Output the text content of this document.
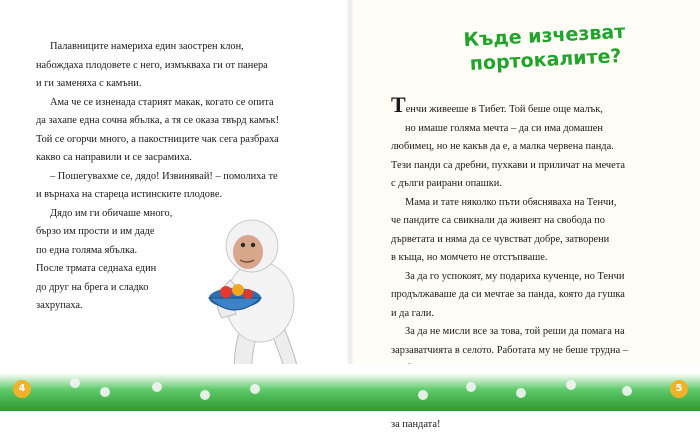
Палавниците намериха един заострен клон,
набождаха плодовете с него, измъкваха ги от панера
и ги заменяха с камъни.
Ама че се изненада старият макак, когато се опита
да захапе една сочна ябълка, а тя се оказа твърд камък!
Той се огорчи много, а пакостниците чак сега разбраха
какво са направили и се засрамиха.
– Пошегувахме се, дядо! Извинявай! – помолиха те
и върнаха на стареца истинските плодове.
Дядо им ги обичаше много,
бързо им прости и им даде
по една голяма ябълка.
После трмата седнаха един
до друг на брега и сладко
захрупаха.
Къде изчезват
портокалите?
Тенчи живееше в Тибет. Той беше още малък,
но имаше голяма мечта – да си има домашен
любимец, но не какъв да е, а малка червена панда.
Тези панди са дребни, пухкави и приличат на мечета
с дълги раирани опашки.
Мама и тате няколко пъти обясняваха на Тенчи,
че пандите са свикнали да живеят на свобода по
дърветата и няма да се чувстват добре, затворени
в къща, но момчето не отстъпваше.
За да го успокоят, му подариха кученце, но Тенчи
продължаваше да си мечтае за панда, която да гушка
и да гали.
За да не мисли все за това, той реши да помага на
зарзаватчията в селото. Работата му не беше трудна –
за пандата!
4	5
